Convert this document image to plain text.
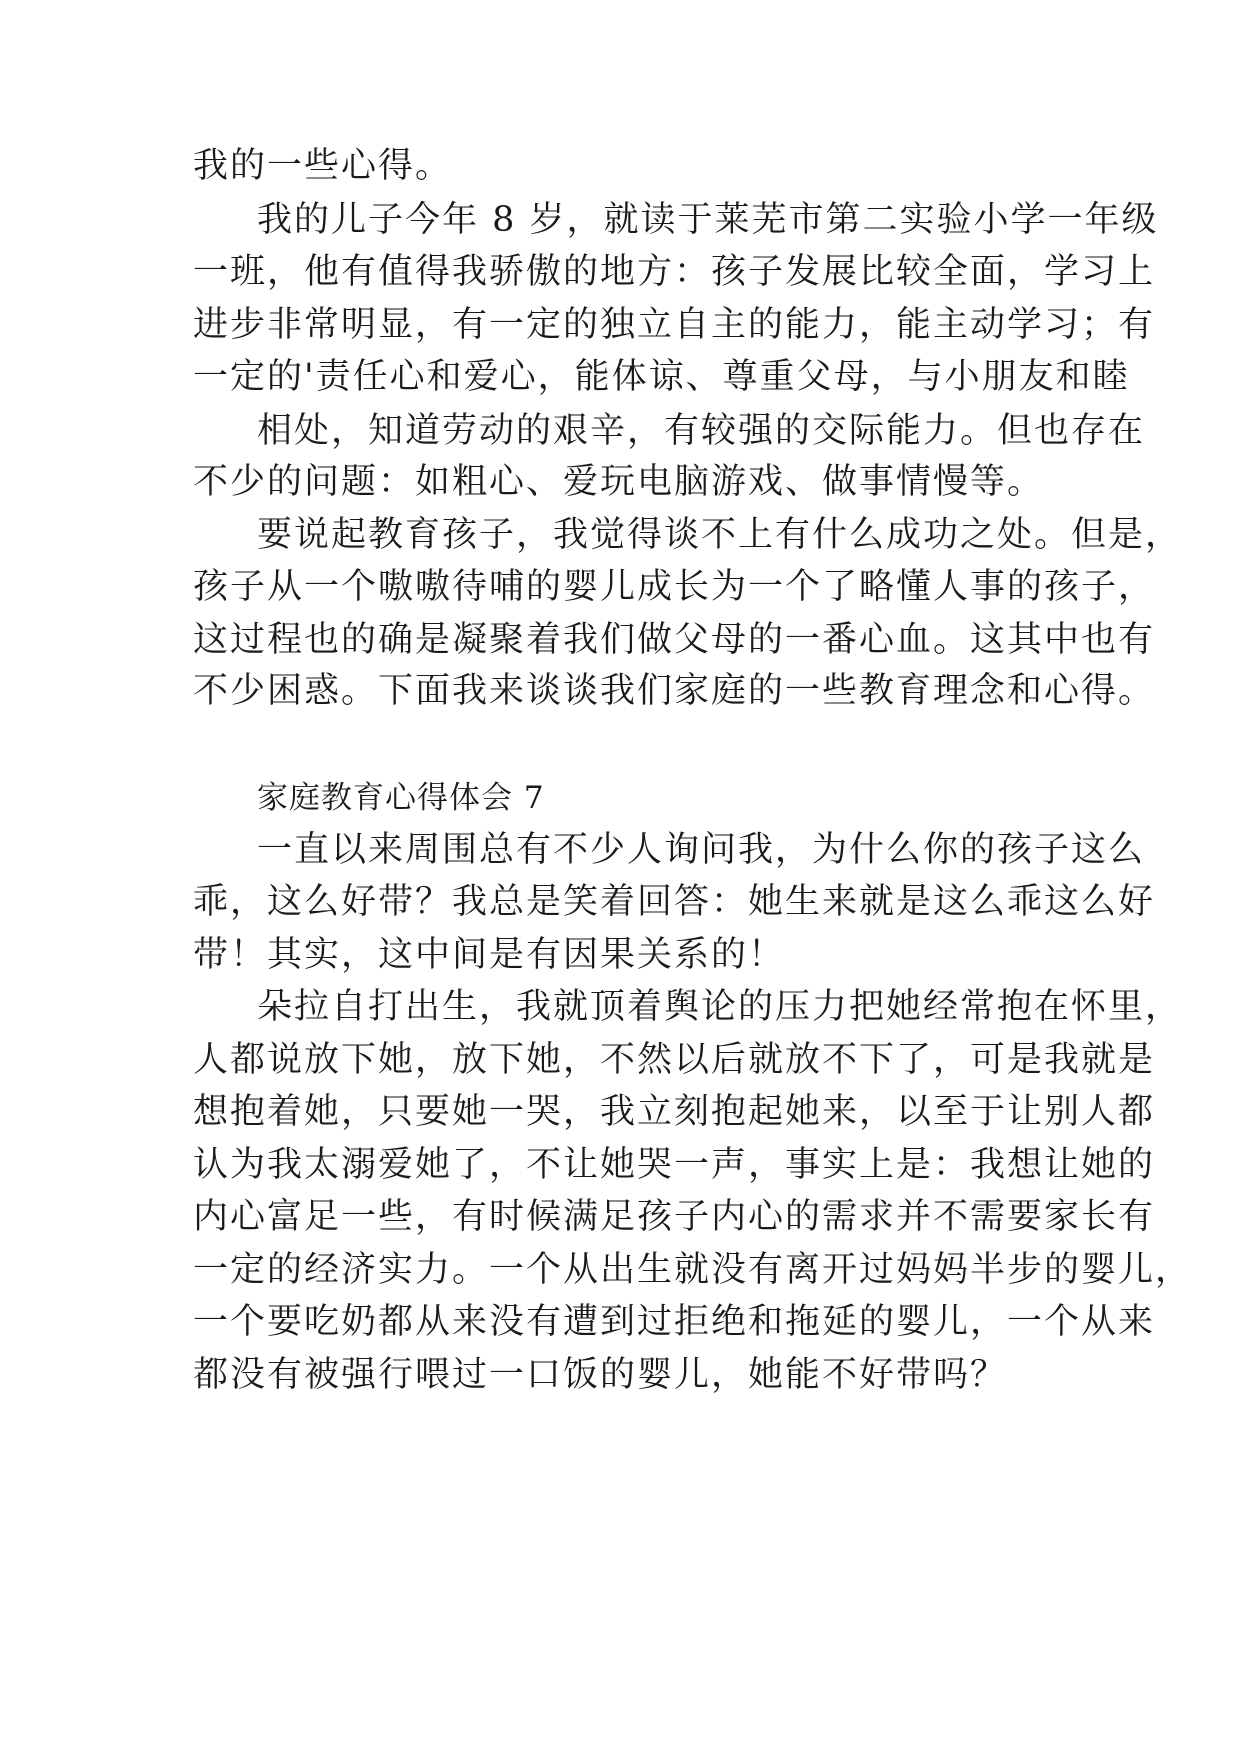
我的一些心得。
我的儿子今年 8 岁，就读于莱芜市第二实验小学一年级
一班，他有值得我骄傲的地方：孩子发展比较全面，学习上
进步非常明显，有一定的独立自主的能力，能主动学习；有
一定的'责任心和爱心，能体谅、尊重父母，与小朋友和睦
相处，知道劳动的艰辛，有较强的交际能力。但也存在
不少的问题：如粗心、爱玩电脑游戏、做事情慢等。
要说起教育孩子，我觉得谈不上有什么成功之处。但是，
孩子从一个嗷嗷待哺的婴儿成长为一个了略懂人事的孩子，
这过程也的确是凝聚着我们做父母的一番心血。这其中也有
不少困惑。下面我来谈谈我们家庭的一些教育理念和心得。
家庭教育心得体会 7
一直以来周围总有不少人询问我，为什么你的孩子这么
乖，这么好带？我总是笑着回答：她生来就是这么乖这么好
带！其实，这中间是有因果关系的！
朵拉自打出生，我就顶着舆论的压力把她经常抱在怀里，
人都说放下她，放下她，不然以后就放不下了，可是我就是
想抱着她，只要她一哭，我立刻抱起她来，以至于让别人都
认为我太溺爱她了，不让她哭一声，事实上是：我想让她的
内心富足一些，有时候满足孩子内心的需求并不需要家长有
一定的经济实力。一个从出生就没有离开过妈妈半步的婴儿，
一个要吃奶都从来没有遭到过拒绝和拖延的婴儿，一个从来
都没有被强行喂过一口饭的婴儿，她能不好带吗？
